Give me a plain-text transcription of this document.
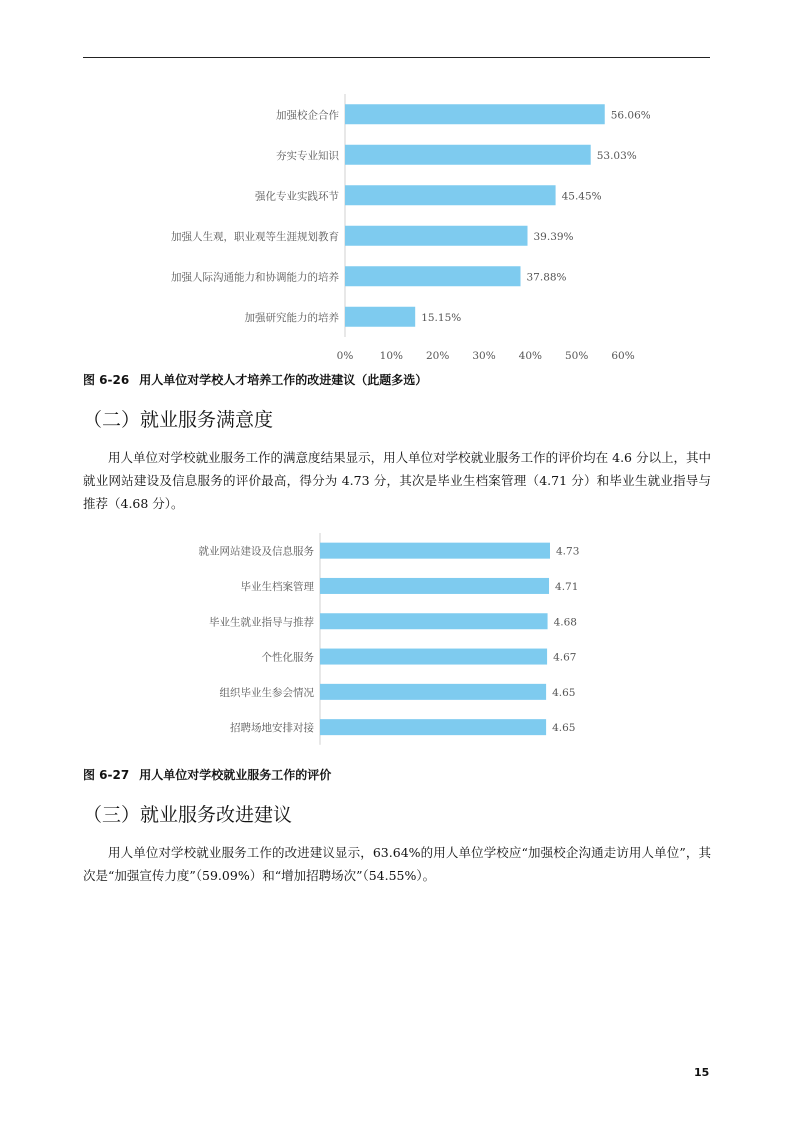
加强校企合作	56.06%
夯实专业知识	53.03%
强化专业实践环节	45.45%
加强人生观，职业观等生涯规划教育	39.39%
加强人际沟通能力和协调能力的培养	37.88%
加强研究能力的培养	15.15%
0%	10% 20% 30% 40% 50% 60%
图 6-26 用人单位对学校人才培养工作的改进建议（此题多选）
（二）就业服务满意度

用人单位对学校就业服务工作的满意度结果显示，用人单位对学校就业服务工作的评价均在 4.6 分以上，其中就业网站建设及信息服务的评价最高，得分为 4.73 分，其次是毕业生档案管理（4.71 分）和毕业生就业指导与推荐（4.68 分）。

就业网站建设及信息服务	4.73
毕业生档案管理	4.71
毕业生就业指导与推荐	4.68
个性化服务	4.67
组织毕业生参会情况	4.65
招聘场地安排对接	4.65
图 6-27 用人单位对学校就业服务工作的评价
（三）就业服务改进建议

用人单位对学校就业服务工作的改进建议显示，63.64%的用人单位学校应“加强校企沟通走访用人单位”，其次是“加强宣传力度”（59.09%）和“增加招聘场次”（54.55%）。

15
